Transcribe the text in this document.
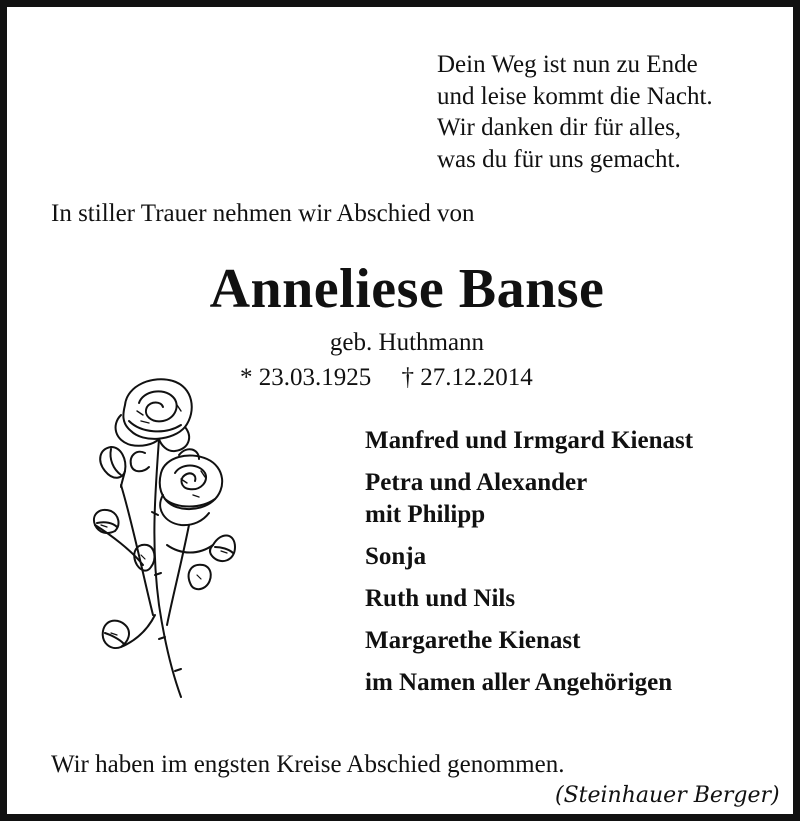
Dein Weg ist nun zu Ende
und leise kommt die Nacht.
Wir danken dir für alles,
was du für uns gemacht.
In stiller Trauer nehmen wir Abschied von
Anneliese Banse
geb. Huthmann
* 23.03.1925 † 27.12.2014
Manfred und Irmgard Kienast
Petra und Alexander
mit Philipp
Sonja
Ruth und Nils
Margarethe Kienast
im Namen aller Angehörigen
Wir haben im engsten Kreise Abschied genommen.
(Steinhauer Berger)
